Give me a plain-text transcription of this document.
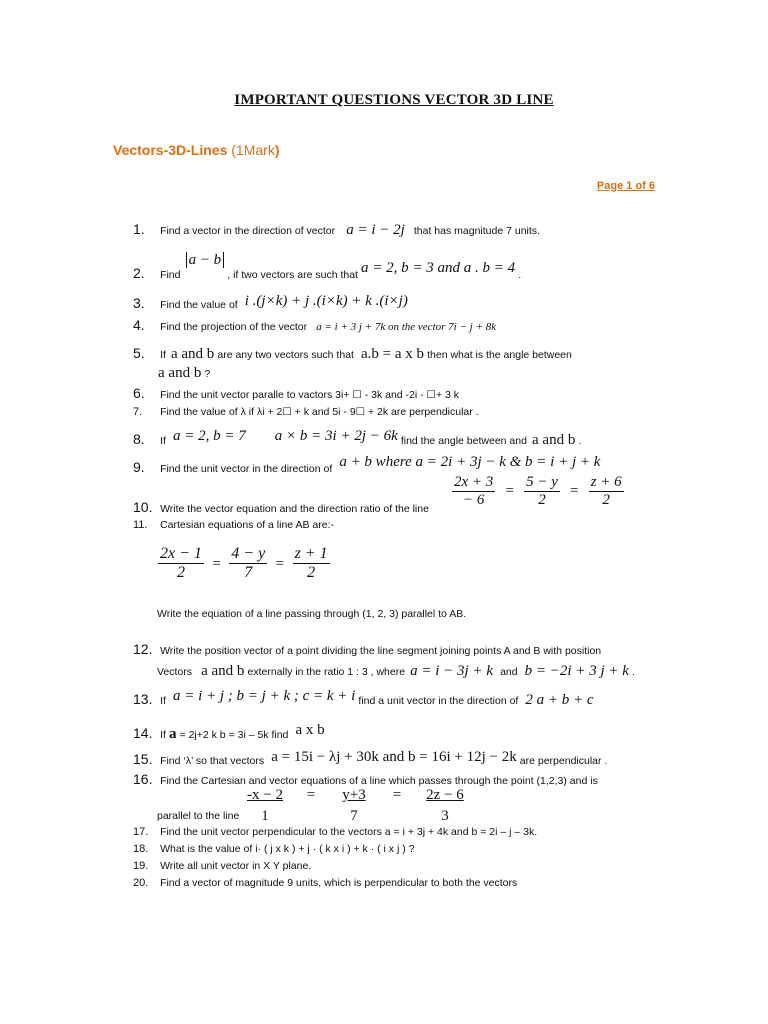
IMPORTANT QUESTIONS VECTOR 3D LINE
Vectors-3D-Lines (1Mark)
Page 1 of 6
1. Find a vector in the direction of vector a = i − 2j that has magnitude 7 units.
2. Find a − b , if two vectors are such that a = 2, b = 3 and a . b = 4 .
3. Find the value of i .(j×k) + j .(i×k) + k .(i×j)
4. Find the projection of the vector a = i + 3 j + 7k on the vector 7i − j + 8k
5. If a and b are any two vectors such that a.b = a x b then what is the angle between
a and b ?
6. Find the unit vector paralle to vactors 3i+ ☐ - 3k and -2i - ☐+ 3 k
7. Find the value of λ if λi + 2☐ + k and 5i - 9☐ + 2k are perpendicular .
8. If a = 2, b = 7 a × b = 3i + 2j − 6k find the angle between and a and b .
9. Find the unit vector in the direction of a + b where a = 2i + 3j − k & b = i + j + k
10. Write the vector equation and the direction ratio of the line	$\frac{2x + 3}{- 6} = \frac{5 - y}{2} = \frac{z + 6}{2}$
11. Cartesian equations of a line AB are:-
$\frac{2x - 1}{2} = \frac{4 - y}{7} = \frac{z + 1}{2}$
Write the equation of a line passing through (1, 2, 3) parallel to AB.
12. Write the position vector of a point dividing the line segment joining points A and B with position
Vectors a and b externally in the ratio 1 : 3 , where a = i − 3j + k and b = −2i + 3 j + k .
13. If a = i + j ; b = j + k ; c = k + i find a unit vector in the direction of 2 a + b + c
14. If a = 2j+2 k b = 3i – 5k find a x b
15. Find ‘λ’ so that vectors a = 15i − λj + 30k and b = 16i + 12j − 2k are perpendicular .
16. Find the Cartesian and vector equations of a line which passes through the point (1,2,3) and is
parallel to the line $\frac{-x - 2}{1} = \frac{y+3}{7} = \frac{2z - 6}{3}$
17. Find the unit vector perpendicular to the vectors a = i + 3j + 4k and b = 2i – j – 3k.
18. What is the value of i· ( j x k ) + j · ( k x i ) + k · ( i x j ) ?
19. Write all unit vector in X Y plane.
20. Find a vector of magnitude 9 units, which is perpendicular to both the vectors
